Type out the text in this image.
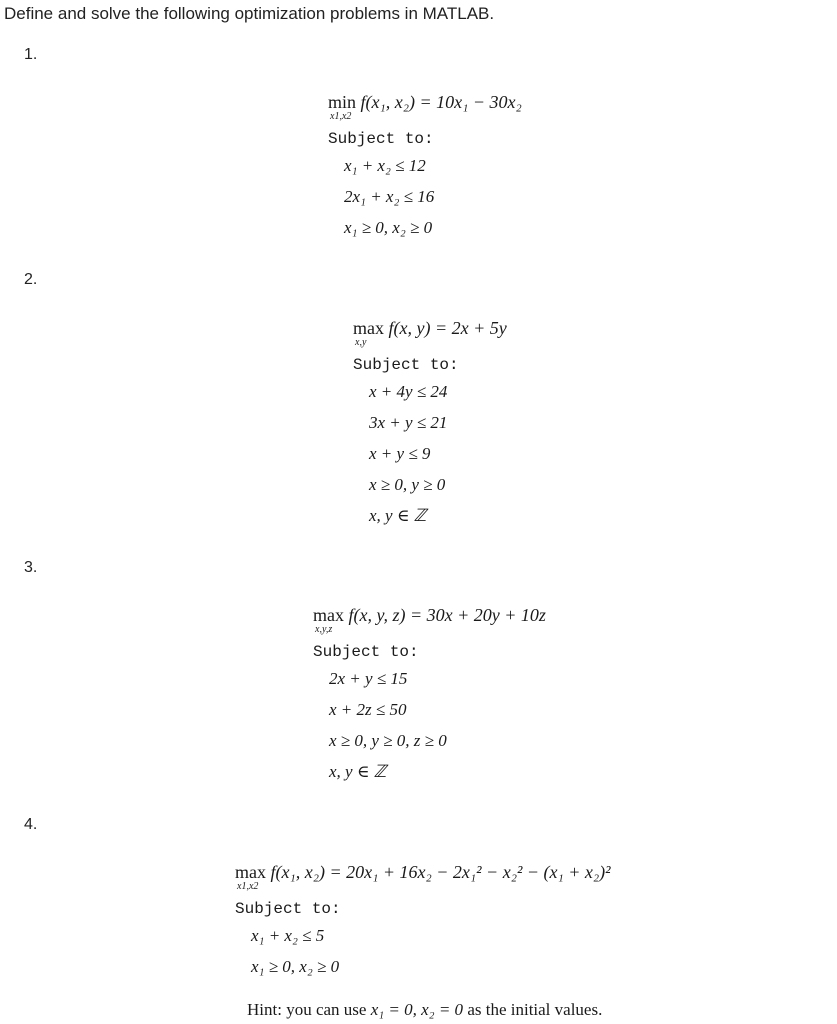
Define and solve the following optimization problems in MATLAB.
1.
min f(x₁, x₂) = 10x₁ − 30x₂
x1,x2
Subject to:
x₁ + x₂ ≤ 12
2x₁ + x₂ ≤ 16
x₁ ≥ 0, x₂ ≥ 0
2.
max f(x, y) = 2x + 5y
x,y
Subject to:
x + 4y ≤ 24
3x + y ≤ 21
x + y ≤ 9
x ≥ 0, y ≥ 0
x, y ∈ ℤ
3.
max f(x, y, z) = 30x + 20y + 10z
x,y,z
Subject to:
2x + y ≤ 15
x + 2z ≤ 50
x ≥ 0, y ≥ 0, z ≥ 0
x, y ∈ ℤ
4.
max f(x₁, x₂) = 20x₁ + 16x₂ − 2x₁² − x₂² − (x₁ + x₂)²
x1,x2
Subject to:
x₁ + x₂ ≤ 5
x₁ ≥ 0, x₂ ≥ 0
Hint: you can use x₁ = 0, x₂ = 0 as the initial values.
